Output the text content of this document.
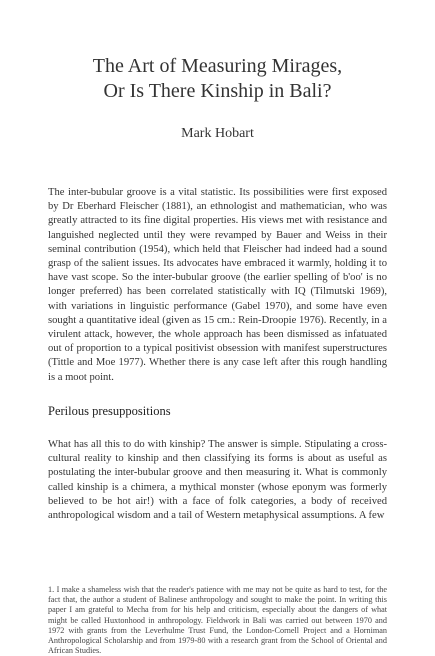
The Art of Measuring Mirages,
Or Is There Kinship in Bali?
Mark Hobart

The inter-bubular groove is a vital statistic. Its possibilities were first exposed by Dr Eberhard Fleischer (1881), an ethnologist and mathematician, who was greatly attracted to its fine digital properties. His views met with resistance and languished neglected until they were revamped by Bauer and Weiss in their seminal contribution (1954), which held that Fleischer had indeed had a sound grasp of the salient issues. Its advocates have embraced it warmly, holding it to have vast scope. So the inter-bubular groove (the earlier spelling of b'oo' is no longer preferred) has been correlated statistically with IQ (Tilmutski 1969), with variations in linguistic performance (Gabel 1970), and some have even sought a quantitative ideal (given as 15 cm.: Rein-Droopie 1976). Recently, in a virulent attack, however, the whole approach has been dismissed as infatuated out of proportion to a typical positivist obsession with manifest superstructures (Tittle and Moe 1977). Whether there is any case left after this rough handling is a moot point.

Perilous presuppositions

What has all this to do with kinship? The answer is simple. Stipulating a cross-cultural reality to kinship and then classifying its forms is about as useful as postulating the inter-bubular groove and then measuring it. What is commonly called kinship is a chimera, a mythical monster (whose eponym was formerly believed to be hot air!) with a face of folk categories, a body of received anthropological wisdom and a tail of Western metaphysical assumptions. A few

1. I make a shameless wish that the reader's patience with me may not be quite as hard to test, for the fact that, the author a student of Balinese anthropology and sought to make the point. In writing this paper I am grateful to Mecha from for his help and criticism, especially about the dangers of what might be called Huxtonhood in anthropology. Fieldwork in Bali was carried out between 1970 and 1972 with grants from the Leverhulme Trust Fund, the London-Cornell Project and a Horniman Anthropological Scholarship and from 1979-80 with a research grant from the School of Oriental and African Studies.
